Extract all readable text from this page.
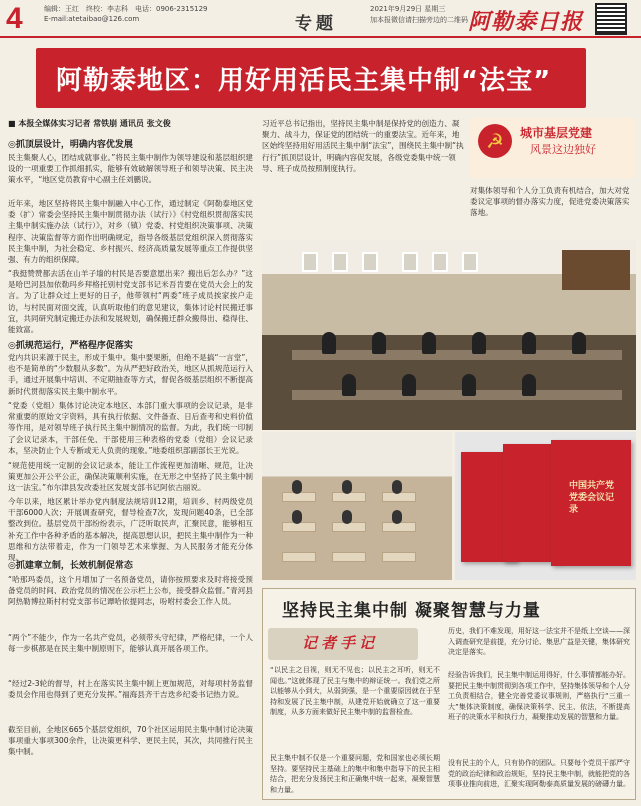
4	编辑：王红　 终校：李志科　 电话：0906-2315129
E-mail:atetaibao@126.com	专题
2021年9月29日 星期三
加本报微信请扫描旁边的二维码 阿勒泰日报
阿勒泰地区：用好用活民主集中制“法宝”
■ 本报全媒体实习记者 常铁崩 通讯员 张文俊
◎抓顶层设计，明确内容优发展
民主集聚人心，团结成就事业。”将民主集中制作为领导建设和基层组织建设的一项重要工作抓细抓实，能够有效破解领导班子和领导决策、民主决策水平，“地区党员教育中心副主任刘鹏说。
近年来，地区坚持将民主集中制融入中心工作，通过制定《阿勒泰地区党委（扩）常委会坚持民主集中制贯彻办法（试行）》《村党组织贯彻落实民主集中制实施办法（试行）》，对乡（镇）党委、村党组织决策事项、决策程序、决策监督等方面作出明确规定，指导各级基层党组织深入贯彻落实民主集中制，为社会稳定、乡村振兴、经济高质量发展等重点工作提供坚强、有力的组织保障。
“我挺赞赞都去活在山羊子墙的村民是否要意愿出来？搬出后怎么办？”这是哈巴河县加依勒玛乡拜格托别村党支部书记米吾肯要在党员大会上的发言。为了让群众过上更好的日子，他带领村“两委”班子成员挨家挨户走访，与村民面对面交流，认真听取他们的意见建议，集体讨论村民搬迁事宜，共同研究制定搬迁办法和发展规划，确保搬迁群众搬得出、稳得住、能致富。
◎抓规范运行，严格程序促落实
党内共识来源于民主，形成于集中。集中要果断，但绝不是搞“一言堂”，也不是简单的“少数服从多数”。为从严把好政治关，地区从抓规范运行入手，通过开展集中培训、不定期抽查等方式，督促各级基层组织不断提高新时代贯彻落实民主集中制水平。
“党委（党组）集体讨论决定本地区、本部门重大事项的会议记录，是非常重要的原始文字资料，具有执行依据、文件备查、日后查考和史料价值等作用，是对领导班子执行民主集中制情况的监督。为此，我们统一印制了会议记录本，干部任免、干部使用三种表格的党委（党组）会议记录本，坚决防止个人专断或无人负责的现象。”地委组织部副部长王光说。
“规范使用统一定制的会议记录本，能让工作流程更加清晰、规范，让决策更加公开公平公正，确保决策顺利实施，在无形之中坚持了民主集中制这一法宝。”布尔津县发改委社区发展支部书记阿依古丽说。
今年以来，地区累计举办党内制度法规培训12期，培训乡、村两级党员干部6000人次；开展调查研究，督导检查7次，发现问题40条，已全部整改到位。基层党员干部纷纷表示，广泛听取民声，汇聚民意，能够相互补充工作中各种矛盾的基本解决，提高思想认识，把民主集中制作为一种思维和方法带着走，作为一门领导艺术来掌握、为人民服务才能充分体现。
◎抓建章立制，长效机制促常态
“哈那玛委员，这个月增加了一名预备党员，请你按照要求及时将接受预备党员的时间、政治党员的情况在公示栏上公布，接受群众监督。”青河县阿热勒博拉斯村村党支部书记谭哈依提同志，吩咐村委会工作人员。
“两个”不能少，作为一名共产党员，必须带头守纪律，严格纪律，一个人每一步棋都是在民主集中制原则下，能够认真开展各项工作。
“经过2-3轮的督导，村上在落实民主集中制上更加规范，对每项村务监督委员会作用也得到了更充分发挥。”福海县齐干吉迭乡纪委书记热力说。
截至目前，全地区665个基层党组织，70个社区运用民主集中制讨论决策事项重大事项300余件，让决策更科学、更民主民，其次，共同推行民主集中制。
习近平总书记指出，坚持民主集中制是保持党的创造力、凝聚力、战斗力，保证党的团结统一的重要法宝。近年来，地区始终坚持用好用活民主集中制“法宝”，围绕民主集中制“执行行”抓顶层设计，明确内容促发展，各级党委集中统一领导、班子成员按照制度执行。
☭	城市基层党建
风景这边独好
对集体领导和个人分工负责有机结合，加大对党委议定事项的督办落实力度，促进党委决策落实落地。
中国共产党党委会议记录
坚持民主集中制 凝聚智慧与力量
记者手记
“以民主之目视，则无不见也；以民主之耳听，则无不闻也。”这就体现了民主与集中的辩证统一。我们党之所以能够从小到大，从弱到强，是一个重要原因就在于坚持和发展了民主集中制，从建党开始就确立了这一重要制度，从多方面来做好民主集中制的监督检查。
民主集中制不仅是一个重要问题，党和国家也必须长期坚持。要坚持民主基础上的集中和集中指导下的民主相结合，把充分发扬民主和正确集中统一起来，凝聚智慧和力量。
历史，我们不难发现，用好这一法宝并不是纸上空谈——深入调查研究是前提，充分讨论、集思广益是关键，集体研究决定是落实。
经验告诉我们，民主集中制运用得好，什么事情都能办好。要把民主集中制贯彻到各项工作中，坚持集体领导和个人分工负责相结合，健全完善党委议事规则，严格执行“三重一大”集体决策制度，确保决策科学、民主、依法，不断提高班子的决策水平和执行力，凝聚推动发展的智慧和力量。
没有民主的个人，只有协作的团队。只要每个党员干部严守党的政治纪律和政治规矩，坚持民主集中制，就能把党的各项事业推向前进，汇聚实现阿勒泰高质量发展的磅礴力量。
